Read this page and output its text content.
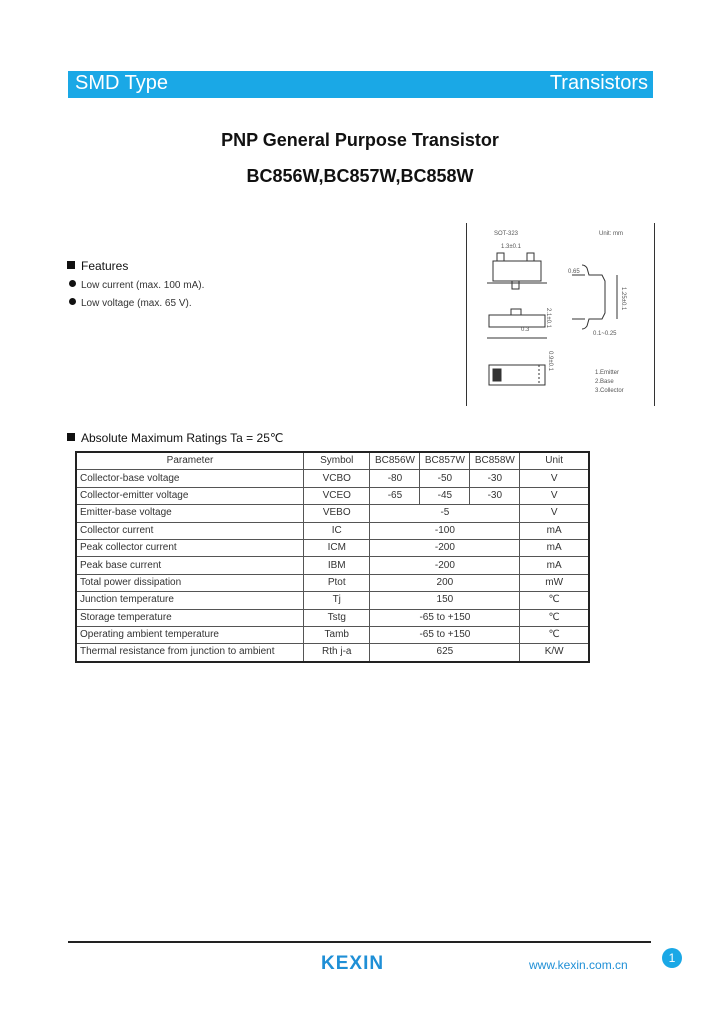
SMD Type	Transistors
PNP General Purpose Transistor
BC856W,BC857W,BC858W
Features
Low current (max. 100 mA).
Low voltage (max. 65 V).
SOT-323	Unit: mm
1.3±0.1
0.3
2.1±0.1
1.25±0.1
0.65
0.9±0.1
0.1~0.25
1.Emitter
2.Base
3.Collector
Absolute Maximum Ratings Ta = 25℃
Parameter	Symbol	BC856W	BC857W	BC858W	Unit
Collector-base voltage	VCBO	-80	-50	-30	V
Collector-emitter voltage	VCEO	-65	-45	-30	V
Emitter-base voltage	VEBO	-5			V
Collector current	IC	-100			mA
Peak collector current	ICM	-200			mA
Peak base current	IBM	-200			mA
Total power dissipation	Ptot	200			mW
Junction temperature	Tj	150			℃
Storage temperature	Tstg	-65 to +150			℃
Operating ambient temperature	Tamb	-65 to +150			℃
Thermal resistance from junction to ambient	Rth j-a	625			K/W
KEXIN	www.kexin.com.cn	1
